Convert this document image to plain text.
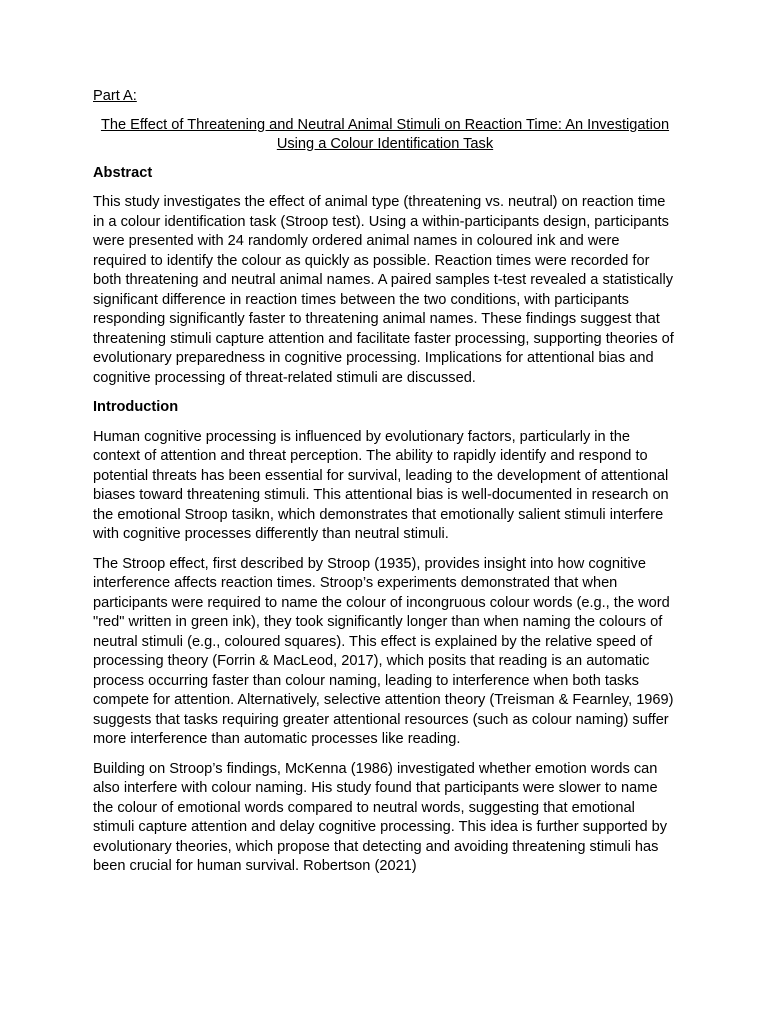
Part A:

The Effect of Threatening and Neutral Animal Stimuli on Reaction Time: An Investigation Using a Colour Identification Task

Abstract

This study investigates the effect of animal type (threatening vs. neutral) on reaction time in a colour identification task (Stroop test). Using a within-participants design, participants were presented with 24 randomly ordered animal names in coloured ink and were required to identify the colour as quickly as possible. Reaction times were recorded for both threatening and neutral animal names. A paired samples t-test revealed a statistically significant difference in reaction times between the two conditions, with participants responding significantly faster to threatening animal names. These findings suggest that threatening stimuli capture attention and facilitate faster processing, supporting theories of evolutionary preparedness in cognitive processing. Implications for attentional bias and cognitive processing of threat-related stimuli are discussed.

Introduction

Human cognitive processing is influenced by evolutionary factors, particularly in the context of attention and threat perception. The ability to rapidly identify and respond to potential threats has been essential for survival, leading to the development of attentional biases toward threatening stimuli. This attentional bias is well-documented in research on the emotional Stroop tasikn, which demonstrates that emotionally salient stimuli interfere with cognitive processes differently than neutral stimuli.

The Stroop effect, first described by Stroop (1935), provides insight into how cognitive interference affects reaction times. Stroop’s experiments demonstrated that when participants were required to name the colour of incongruous colour words (e.g., the word "red" written in green ink), they took significantly longer than when naming the colours of neutral stimuli (e.g., coloured squares). This effect is explained by the relative speed of processing theory (Forrin & MacLeod, 2017), which posits that reading is an automatic process occurring faster than colour naming, leading to interference when both tasks compete for attention. Alternatively, selective attention theory (Treisman & Fearnley, 1969) suggests that tasks requiring greater attentional resources (such as colour naming) suffer more interference than automatic processes like reading.

Building on Stroop’s findings, McKenna (1986) investigated whether emotion words can also interfere with colour naming. His study found that participants were slower to name the colour of emotional words compared to neutral words, suggesting that emotional stimuli capture attention and delay cognitive processing. This idea is further supported by evolutionary theories, which propose that detecting and avoiding threatening stimuli has been crucial for human survival. Robertson (2021)
